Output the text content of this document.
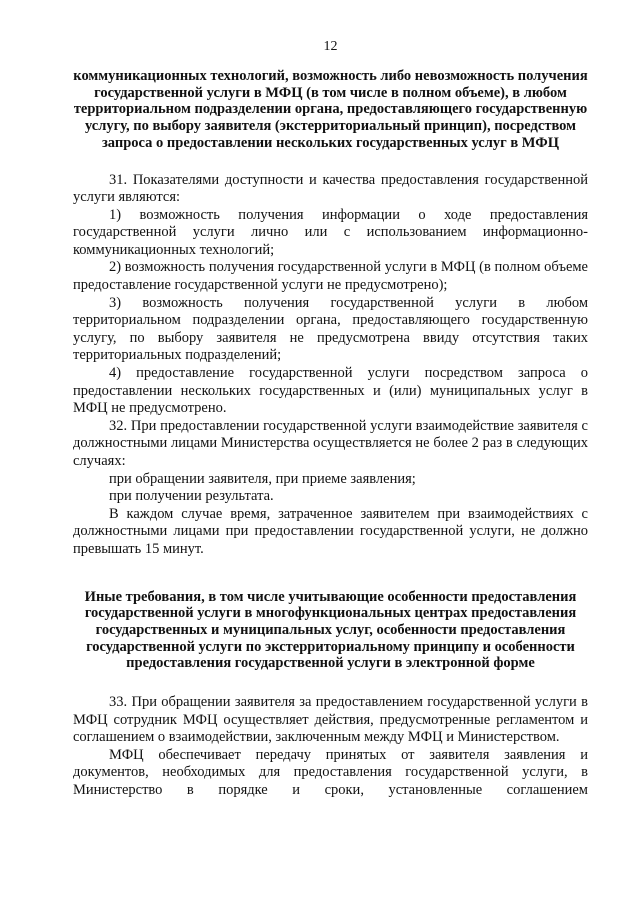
12

коммуникационных технологий, возможность либо невозможность получения государственной услуги в МФЦ (в том числе в полном объеме), в любом территориальном подразделении органа, предоставляющего государственную услугу, по выбору заявителя (экстерриториальный принцип), посредством запроса о предоставлении нескольких государственных услуг в МФЦ

31. Показателями доступности и качества предоставления государственной услуги являются:

1) возможность получения информации о ходе предоставления государственной услуги лично или с использованием информационно-коммуникационных технологий;

2) возможность получения государственной услуги в МФЦ (в полном объеме предоставление государственной услуги не предусмотрено);

3) возможность получения государственной услуги в любом территориальном подразделении органа, предоставляющего государственную услугу, по выбору заявителя не предусмотрена ввиду отсутствия таких территориальных подразделений;

4) предоставление государственной услуги посредством запроса о предоставлении нескольких государственных и (или) муниципальных услуг в МФЦ не предусмотрено.

32. При предоставлении государственной услуги взаимодействие заявителя с должностными лицами Министерства осуществляется не более 2 раз в следующих случаях:

при обращении заявителя, при приеме заявления;

при получении результата.

В каждом случае время, затраченное заявителем при взаимодействиях с должностными лицами при предоставлении государственной услуги, не должно превышать 15 минут.

Иные требования, в том числе учитывающие особенности предоставления государственной услуги в многофункциональных центрах предоставления государственных и муниципальных услуг, особенности предоставления государственной услуги по экстерриториальному принципу и особенности предоставления государственной услуги в электронной форме

33. При обращении заявителя за предоставлением государственной услуги в МФЦ сотрудник МФЦ осуществляет действия, предусмотренные регламентом и соглашением о взаимодействии, заключенным между МФЦ и Министерством.

МФЦ обеспечивает передачу принятых от заявителя заявления и документов, необходимых для предоставления государственной услуги, в Министерство в порядке и сроки, установленные соглашением
